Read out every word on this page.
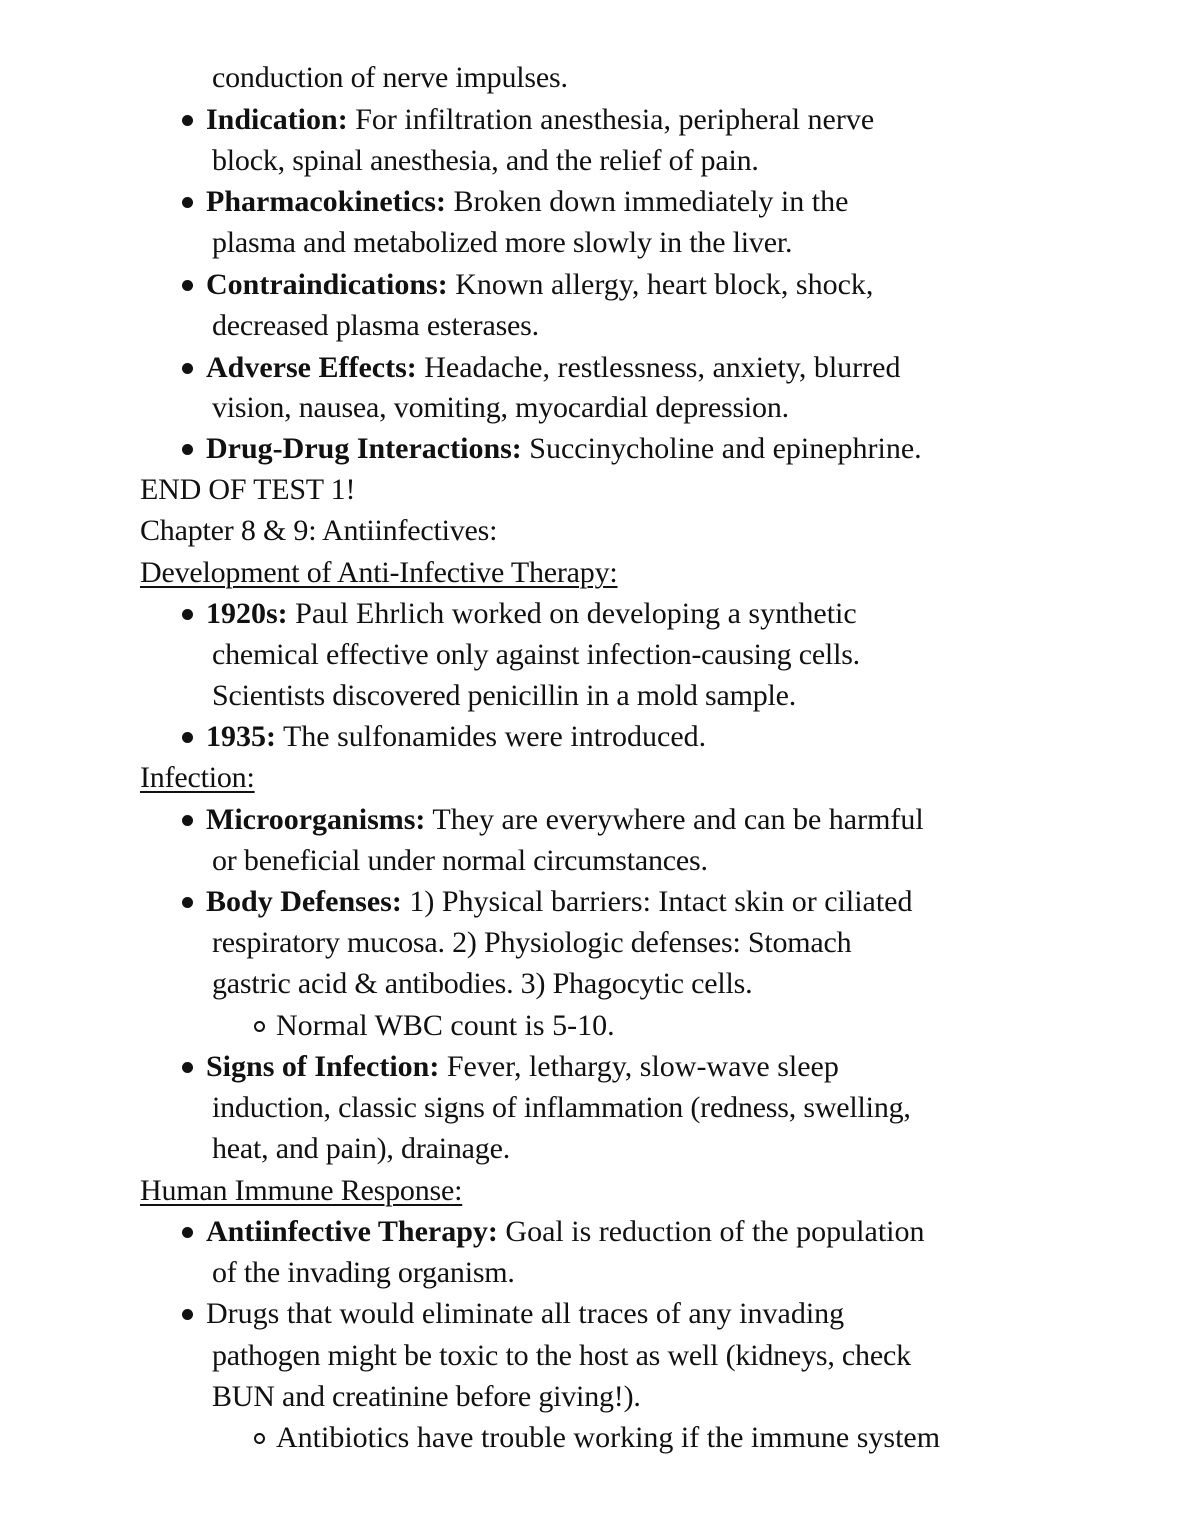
conduction of nerve impulses.
Indication: For infiltration anesthesia, peripheral nerve
block, spinal anesthesia, and the relief of pain.
Pharmacokinetics: Broken down immediately in the
plasma and metabolized more slowly in the liver.
Contraindications: Known allergy, heart block, shock,
decreased plasma esterases.
Adverse Effects: Headache, restlessness, anxiety, blurred
vision, nausea, vomiting, myocardial depression.
Drug-Drug Interactions: Succinycholine and epinephrine.
END OF TEST 1!
Chapter 8 & 9: Antiinfectives:
Development of Anti-Infective Therapy:
1920s: Paul Ehrlich worked on developing a synthetic
chemical effective only against infection-causing cells.
Scientists discovered penicillin in a mold sample.
1935: The sulfonamides were introduced.
Infection:
Microorganisms: They are everywhere and can be harmful
or beneficial under normal circumstances.
Body Defenses: 1) Physical barriers: Intact skin or ciliated
respiratory mucosa. 2) Physiologic defenses: Stomach
gastric acid & antibodies. 3) Phagocytic cells.
Normal WBC count is 5-10.
Signs of Infection: Fever, lethargy, slow-wave sleep
induction, classic signs of inflammation (redness, swelling,
heat, and pain), drainage.
Human Immune Response:
Antiinfective Therapy: Goal is reduction of the population
of the invading organism.
Drugs that would eliminate all traces of any invading
pathogen might be toxic to the host as well (kidneys, check
BUN and creatinine before giving!).
Antibiotics have trouble working if the immune system
